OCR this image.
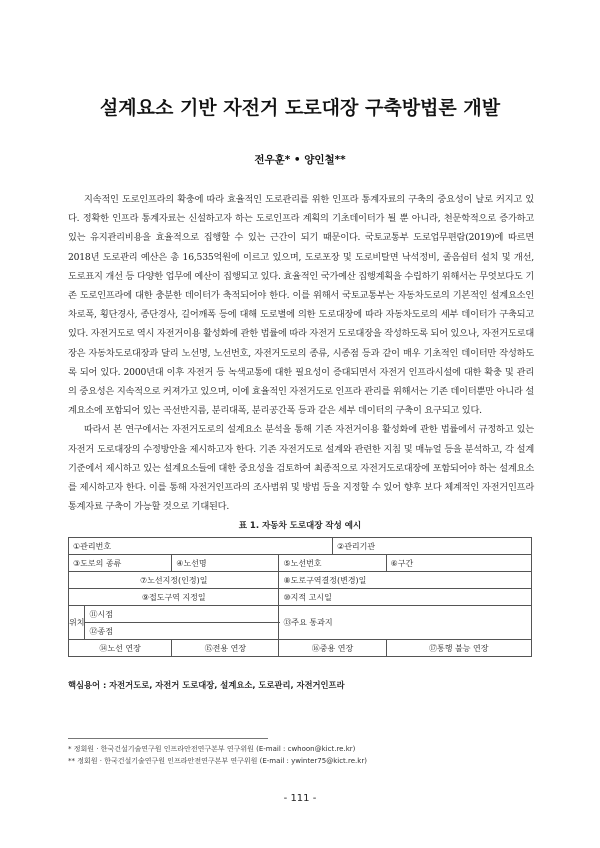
설계요소 기반 자전거 도로대장 구축방법론 개발
전우훈* • 양인철**

지속적인 도로인프라의 확충에 따라 효율적인 도로관리를 위한 인프라 통계자료의 구축의 중요성이 날로 커지고 있다. 정확한 인프라 통계자료는 신설하고자 하는 도로인프라 계획의 기초데이터가 될 뿐 아니라, 천문학적으로 증가하고 있는 유지관리비용을 효율적으로 집행할 수 있는 근간이 되기 때문이다. 국토교통부 도로업무편람(2019)에 따르면 2018년 도로관리 예산은 총 16,535억원에 이르고 있으며, 도로포장 및 도로비탈면 낙석정비, 졸음쉼터 설치 및 개선, 도로표지 개선 등 다양한 업무에 예산이 집행되고 있다. 효율적인 국가예산 집행계획을 수립하기 위해서는 무엇보다도 기존 도로인프라에 대한 충분한 데이터가 축적되어야 한다. 이를 위해서 국토교통부는 자동차도로의 기본적인 설계요소인 차로폭, 횡단경사, 종단경사, 길어깨폭 등에 대해 도로별에 의한 도로대장에 따라 자동차도로의 세부 데이터가 구축되고 있다. 자전거도로 역시 자전거이용 활성화에 관한 법률에 따라 자전거 도로대장을 작성하도록 되어 있으나, 자전거도로대장은 자동차도로대장과 달리 노선명, 노선번호, 자전거도로의 종류, 시종점 등과 같이 매우 기초적인 데이터만 작성하도록 되어 있다. 2000년대 이후 자전거 등 녹색교통에 대한 필요성이 증대되면서 자전거 인프라시설에 대한 확충 및 관리의 중요성은 지속적으로 커져가고 있으며, 이에 효율적인 자전거도로 인프라 관리를 위해서는 기존 데이터뿐만 아니라 설계요소에 포함되어 있는 곡선반지름, 분리대폭, 분리공간폭 등과 같은 세부 데이터의 구축이 요구되고 있다.

따라서 본 연구에서는 자전거도로의 설계요소 분석을 통해 기존 자전거이용 활성화에 관한 법률에서 규정하고 있는 자전거 도로대장의 수정방안을 제시하고자 한다. 기존 자전거도로 설계와 관련한 지침 및 매뉴얼 등을 분석하고, 각 설계기준에서 제시하고 있는 설계요소들에 대한 중요성을 검토하여 최종적으로 자전거도로대장에 포함되어야 하는 설계요소를 제시하고자 한다. 이를 통해 자전거인프라의 조사범위 및 방법 등을 지정할 수 있어 향후 보다 체계적인 자전거인프라 통계자료 구축이 가능할 것으로 기대된다.

표 1. 자동차 도로대장 작성 예시
①관리번호				②관리기관	
③도로의 종류		④노선명	⑤노선번호		⑥구간
⑦노선지정(인정)일			⑧도로구역결정(변경)일		
⑨접도구역 지정일			⑩지적 고시일		
위치	⑪시점		⑬주요 통과지		
	⑫종점				
⑭노선 연장		⑮전용 연장	⑯중용 연장		⑰통행 불능 연장
핵심용어 : 자전거도로, 자전거 도로대장, 설계요소, 도로관리, 자전거인프라
* 정회원 · 한국건설기술연구원 인프라안전연구본부 연구위원 (E-mail : cwhoon@kict.re.kr)
** 정회원 · 한국건설기술연구원 인프라안전연구본부 연구위원 (E-mail : ywinter75@kict.re.kr)
- 111 -
